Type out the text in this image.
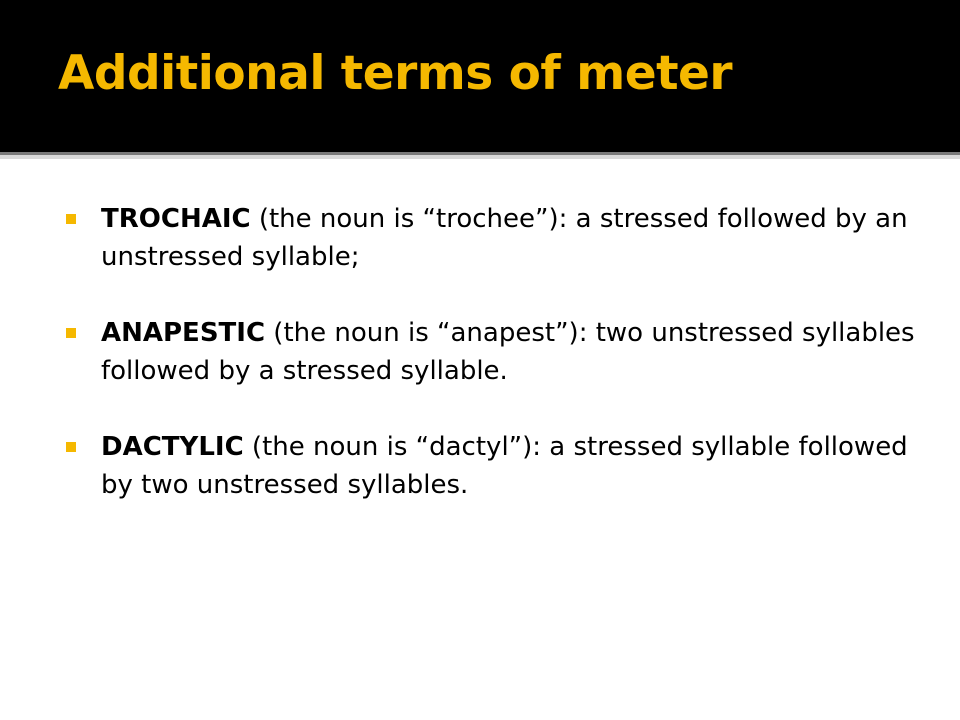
Additional terms of meter
TROCHAIC (the noun is “trochee”): a stressed followed by an unstressed syllable;
ANAPESTIC (the noun is “anapest”): two unstressed syllables followed by a stressed syllable.
DACTYLIC (the noun is “dactyl”): a stressed syllable followed by two unstressed syllables.
